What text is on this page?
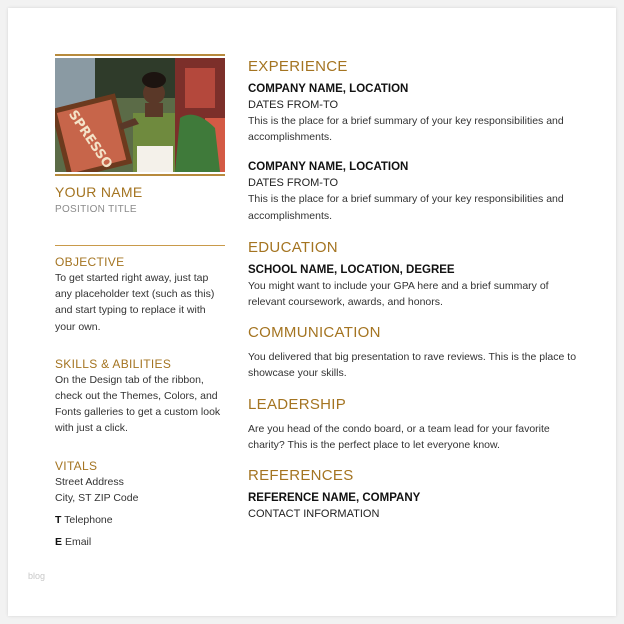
SPRESSO
YOUR NAME
POSITION TITLE
OBJECTIVE
To get started right away, just tap any placeholder text (such as this) and start typing to replace it with your own.
SKILLS & ABILITIES
On the Design tab of the ribbon, check out the Themes, Colors, and Fonts galleries to get a custom look with just a click.
VITALS
Street Address
City, ST ZIP Code
T Telephone
E Email
EXPERIENCE
COMPANY NAME, LOCATION
DATES FROM-TO
This is the place for a brief summary of your key responsibilities and accomplishments.
COMPANY NAME, LOCATION
DATES FROM-TO
This is the place for a brief summary of your key responsibilities and accomplishments.
EDUCATION
SCHOOL NAME, LOCATION, DEGREE
You might want to include your GPA here and a brief summary of relevant coursework, awards, and honors.
COMMUNICATION
You delivered that big presentation to rave reviews. This is the place to showcase your skills.
LEADERSHIP
Are you head of the condo board, or a team lead for your favorite charity? This is the perfect place to let everyone know.
REFERENCES
REFERENCE NAME, COMPANY
CONTACT INFORMATION
blog
